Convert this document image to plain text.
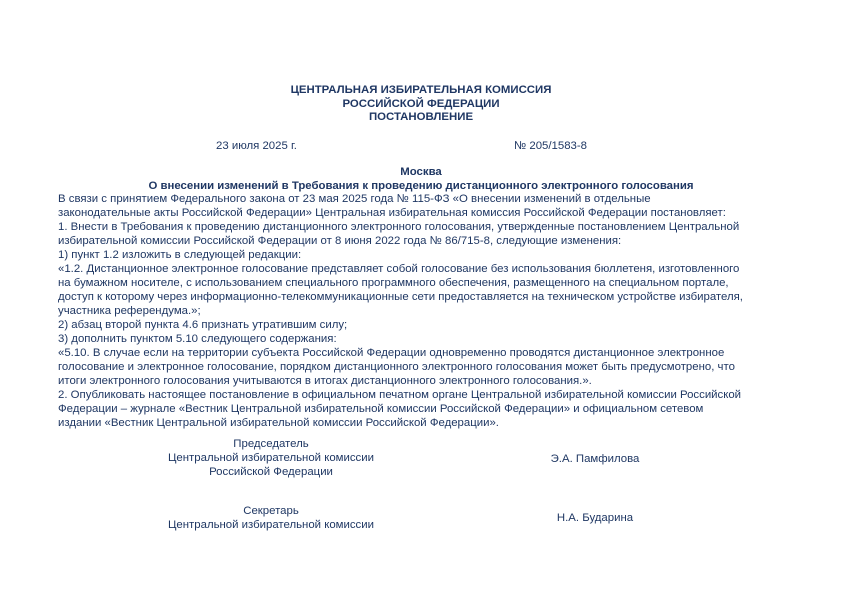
ЦЕНТРАЛЬНАЯ ИЗБИРАТЕЛЬНАЯ КОМИССИЯ
РОССИЙСКОЙ ФЕДЕРАЦИИ
ПОСТАНОВЛЕНИЕ
23 июля 2025 г.	№ 205/1583-8
Москва
О внесении изменений в Требования к проведению дистанционного электронного голосования

В связи с принятием Федерального закона от 23 мая 2025 года № 115-ФЗ «О внесении изменений в отдельные

законодательные акты Российской Федерации» Центральная избирательная комиссия Российской Федерации постановляет:

1. Внести в Требования к проведению дистанционного электронного голосования, утвержденные постановлением Центральной

избирательной комиссии Российской Федерации от 8 июня 2022 года № 86/715-8, следующие изменения:

1) пункт 1.2 изложить в следующей редакции:

«1.2. Дистанционное электронное голосование представляет собой голосование без использования бюллетеня, изготовленного

на бумажном носителе, с использованием специального программного обеспечения, размещенного на специальном портале,

доступ к которому через информационно-телекоммуникационные сети предоставляется на техническом устройстве избирателя,

участника референдума.»;

2) абзац второй пункта 4.6 признать утратившим силу;

3) дополнить пунктом 5.10 следующего содержания:

«5.10. В случае если на территории субъекта Российской Федерации одновременно проводятся дистанционное электронное

голосование и электронное голосование, порядком дистанционного электронного голосования может быть предусмотрено, что

итоги электронного голосования учитываются в итогах дистанционного электронного голосования.».

2. Опубликовать настоящее постановление в официальном печатном органе Центральной избирательной комиссии Российской

Федерации – журнале «Вестник Центральной избирательной комиссии Российской Федерации» и официальном сетевом

издании «Вестник Центральной избирательной комиссии Российской Федерации».

Председатель
Центральной избирательной комиссии
Российской Федерации
Э.А. Памфилова
Секретарь
Центральной избирательной комиссии
Н.А. Бударина
